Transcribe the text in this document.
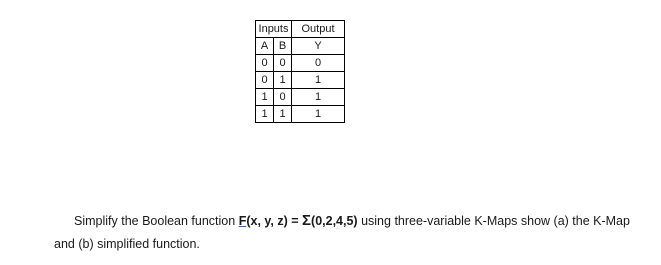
Inputs		Output
A	B	Y
0	0	0
0	1	1
1	0	1
1	1	1

Simplify the Boolean function F(x, y, z) = Σ(0,2,4,5) using three-variable K-Maps show (a) the K-Map and (b) simplified function.
